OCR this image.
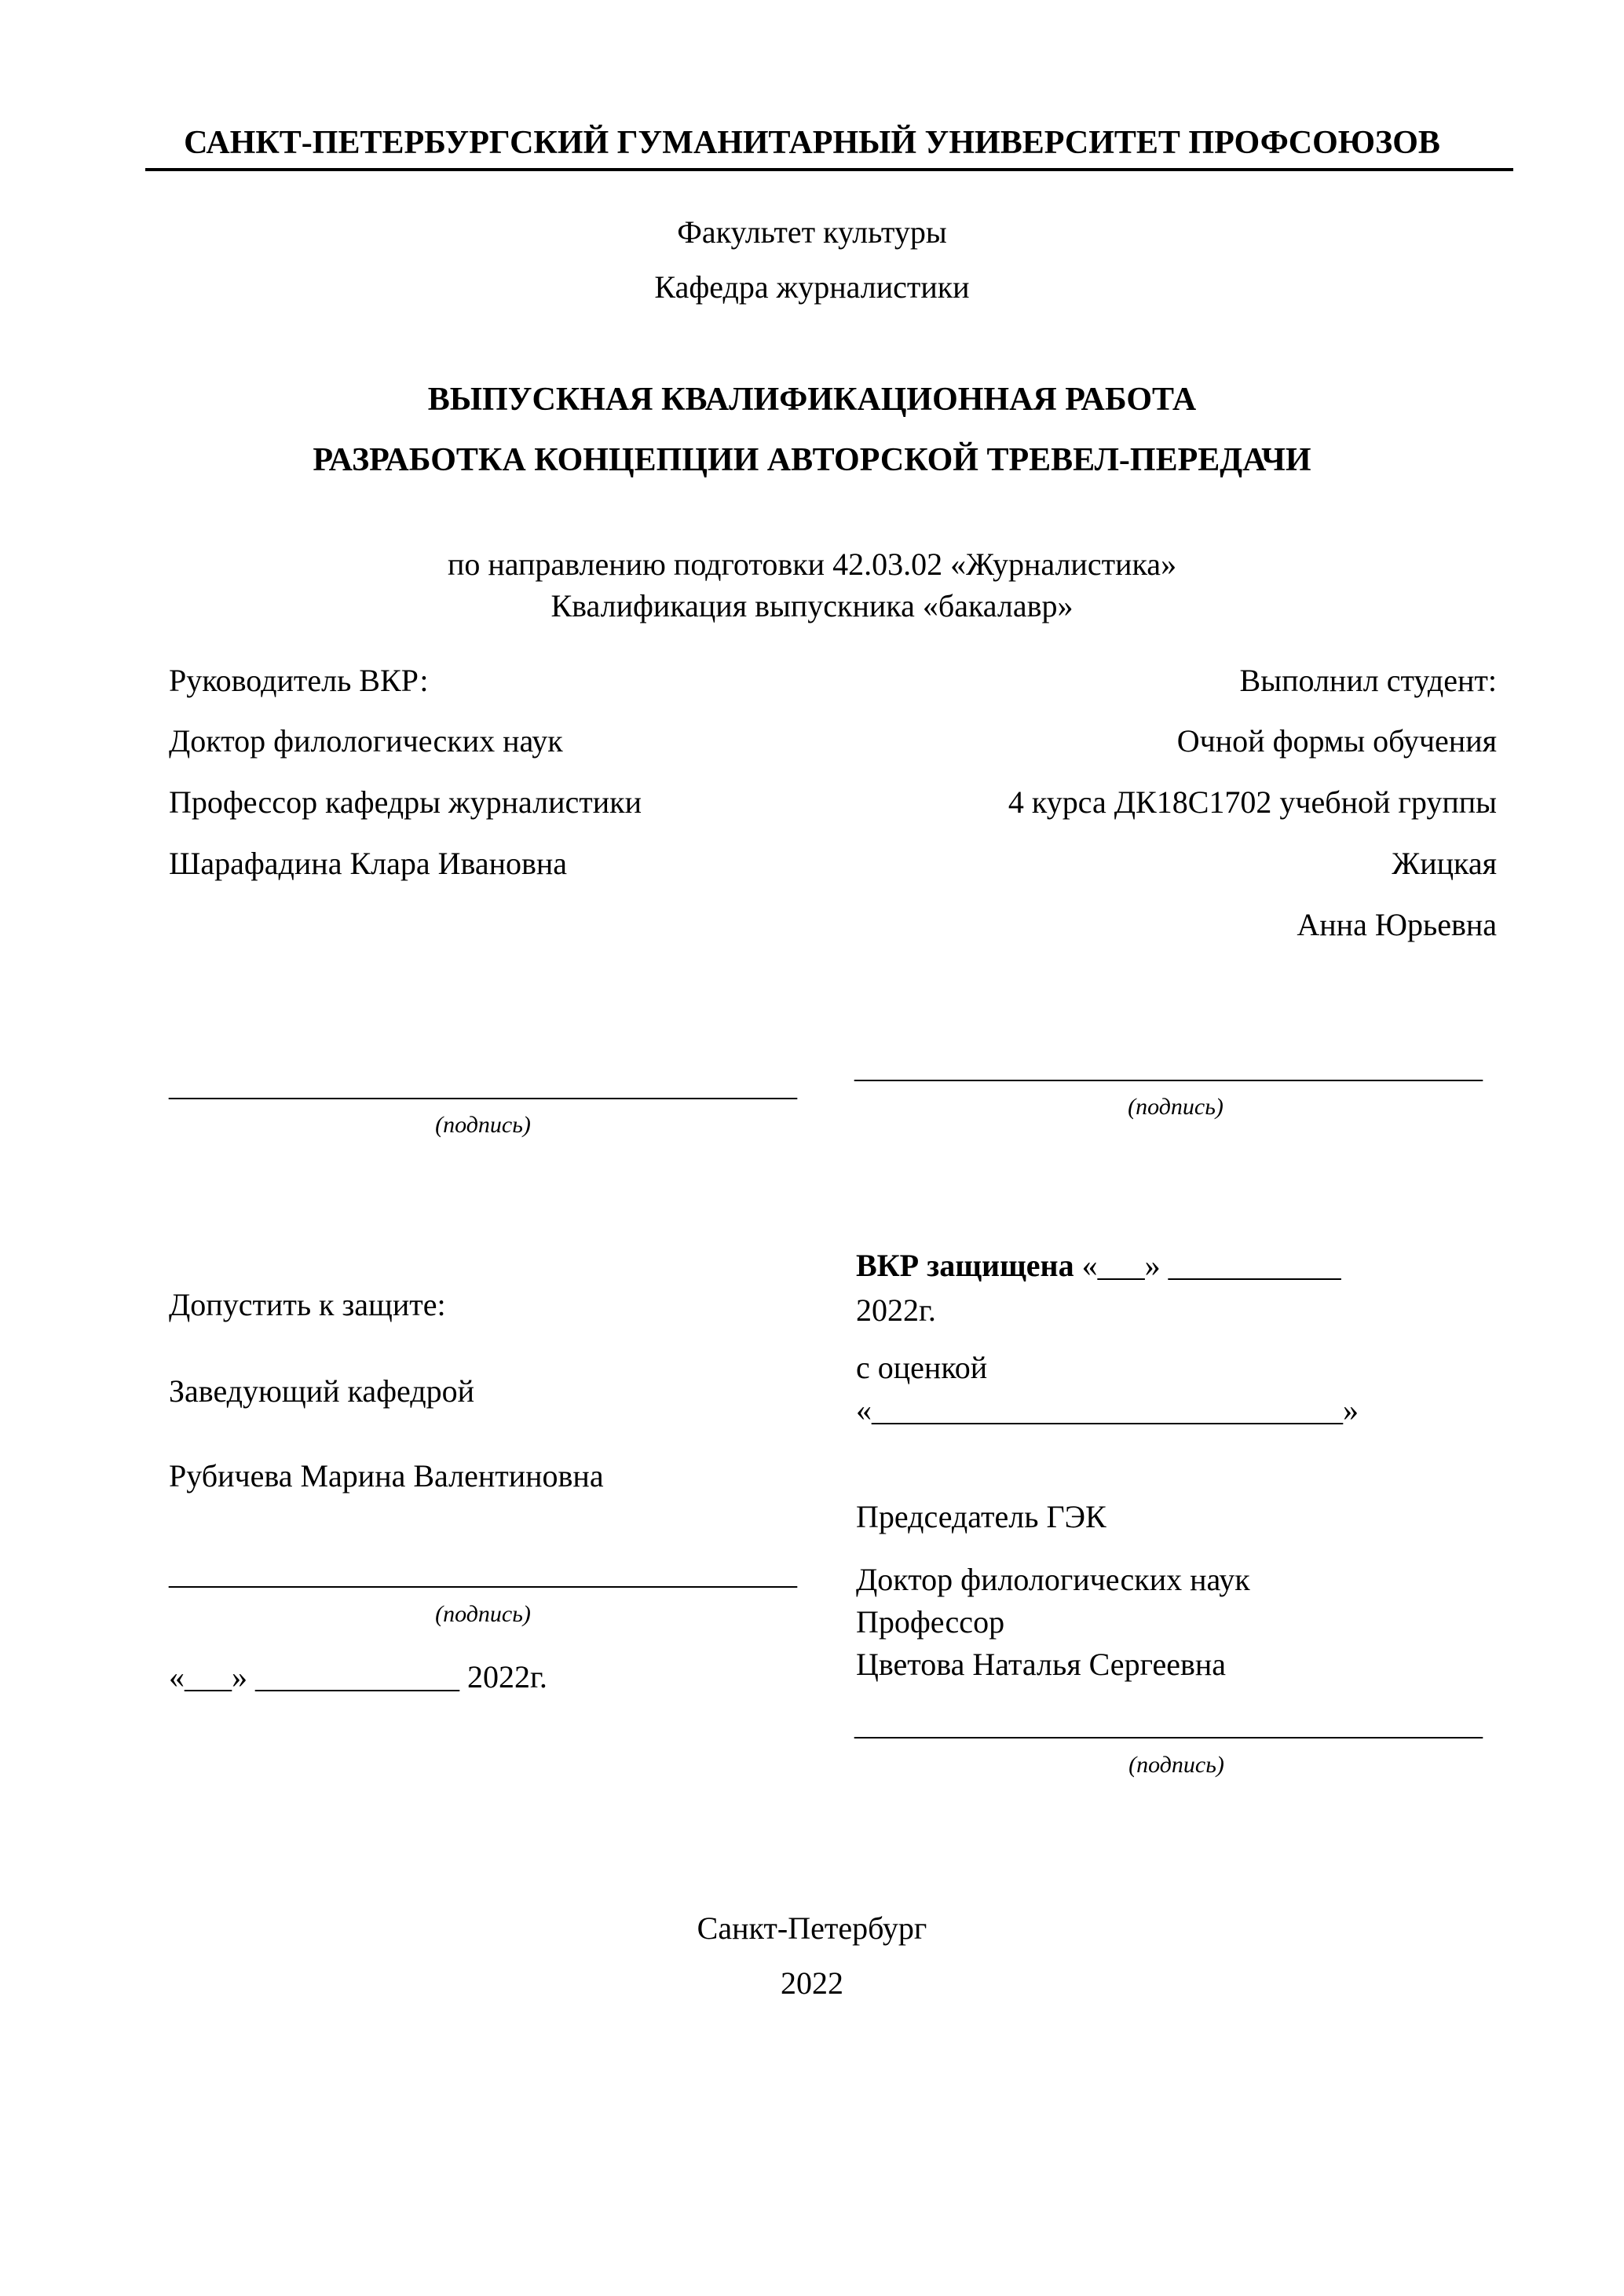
САНКТ-ПЕТЕРБУРГСКИЙ ГУМАНИТАРНЫЙ УНИВЕРСИТЕТ ПРОФСОЮЗОВ
Факультет культуры
Кафедра журналистики
ВЫПУСКНАЯ КВАЛИФИКАЦИОННАЯ РАБОТА
РАЗРАБОТКА КОНЦЕПЦИИ АВТОРСКОЙ ТРЕВЕЛ-ПЕРЕДАЧИ
по направлению подготовки 42.03.02 «Журналистика»
Квалификация выпускника «бакалавр»
Руководитель ВКР:
Доктор филологических наук
Профессор кафедры журналистики
Шарафадина Клара Ивановна
Выполнил студент:
Очной формы обучения
4 курса ДК18С1702 учебной группы
Жицкая
Анна Юрьевна
________________________________________
(подпись)
________________________________________
(подпись)
Допустить к защите:
Заведующий кафедрой
Рубичева Марина Валентиновна
________________________________________
(подпись)
«___» _____________ 2022г.
ВКР защищена «___» ___________
2022г.
с оценкой
«______________________________»
Председатель ГЭК
Доктор филологических наук
Профессор
Цветова Наталья Сергеевна
________________________________________
(подпись)
Санкт-Петербург
2022
